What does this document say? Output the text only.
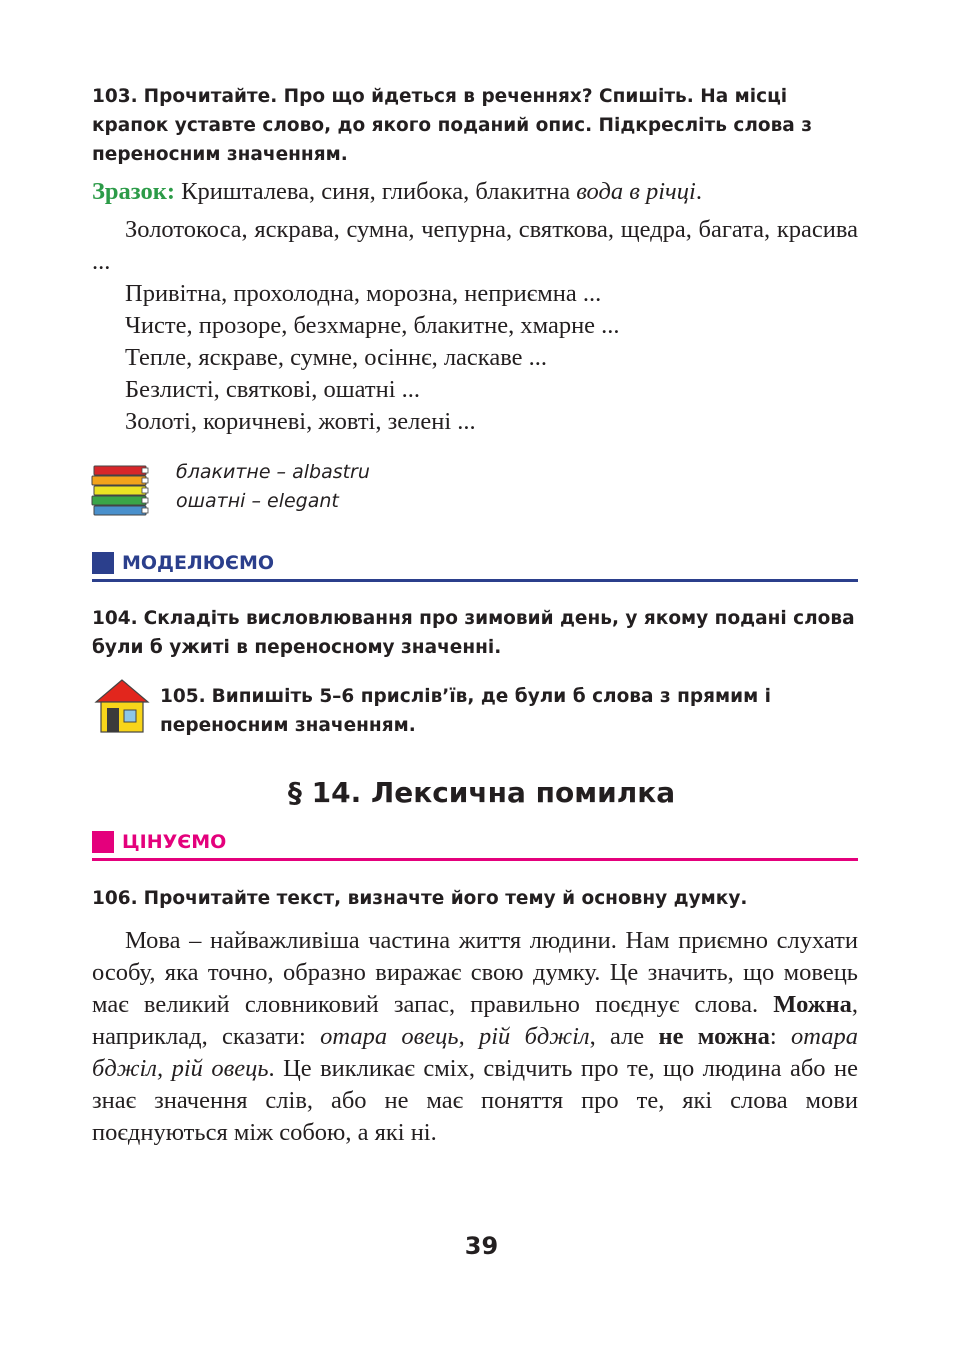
103. Прочитайте. Про що йдеться в реченнях? Спишіть. На місці крапок уставте слово, до якого поданий опис. Підкресліть слова з переносним значенням.
Зразок: Кришталева, синя, глибока, блакитна вода в річці.
Золотокоса, яскрава, сумна, чепурна, святкова, щедра, багата, красива ...
Привітна, прохолодна, морозна, неприємна ...
Чисте, прозоре, безхмарне, блакитне, хмарне ...
Тепле, яскраве, сумне, осіннє, ласкаве ...
Безлисті, святкові, ошатні ...
Золоті, коричневі, жовті, зелені ...
блакитне – albastru
ошатні – elegant
МОДЕЛЮЄМО
104. Складіть висловлювання про зимовий день, у якому подані слова були б ужиті в переносному значенні.
105. Випишіть 5–6 прислів’їв, де були б слова з прямим і переносним значенням.
§ 14. Лексична помилка
ЦІНУЄМО
106. Прочитайте текст, визначте його тему й основну думку.
Мова – найважливіша частина життя людини. Нам приємно слухати особу, яка точно, образно виражає свою думку. Це значить, що мовець має великий словниковий запас, правильно поєднує слова. Можна, наприклад, сказати: отара овець, рій бджіл, але не можна: отара бджіл, рій овець. Це викликає сміх, свідчить про те, що людина або не знає значення слів, або не має поняття про те, які слова мови поєднуються між собою, а які ні.
39
